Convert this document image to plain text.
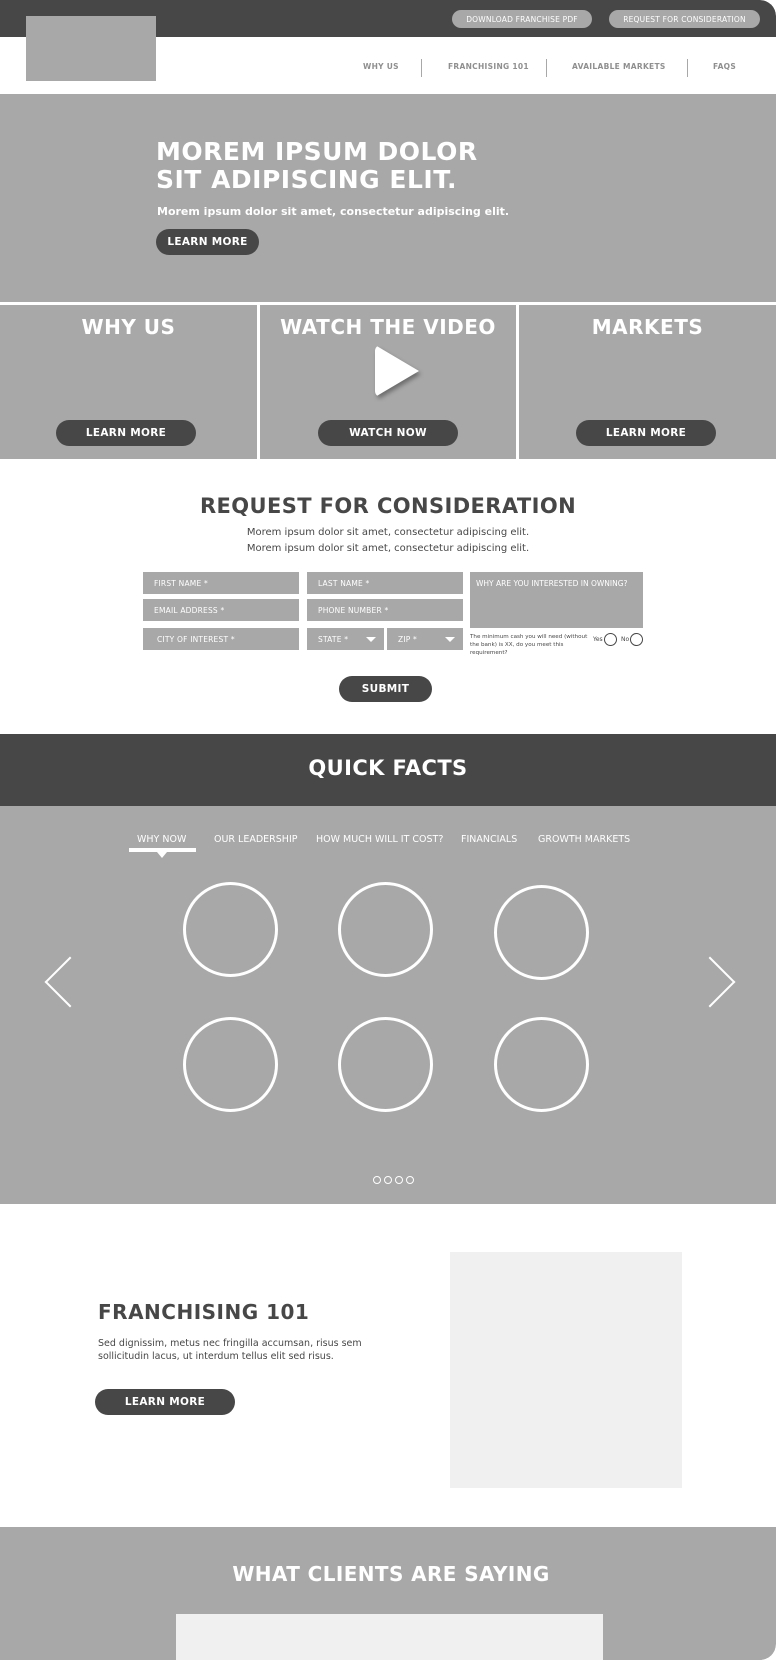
DOWNLOAD FRANCHISE PDF	REQUEST FOR CONSIDERATION
WHY US	FRANCHISING 101	AVAILABLE MARKETS	FAQS
MOREM IPSUM DOLOR
SIT ADIPISCING ELIT.
Morem ipsum dolor sit amet, consectetur adipiscing elit.
LEARN MORE
WHY US
LEARN MORE
WATCH THE VIDEO
WATCH NOW
MARKETS
LEARN MORE
REQUEST FOR CONSIDERATION
Morem ipsum dolor sit amet, consectetur adipiscing elit.
Morem ipsum dolor sit amet, consectetur adipiscing elit.
FIRST NAME *	LAST NAME *
EMAIL ADDRESS *	PHONE NUMBER *
CITY OF INTEREST *	STATE *	ZIP *
WHY ARE YOU INTERESTED IN OWNING?
The minimum cash you will need (without the bank) is XX, do you meet this requirement?
Yes	No
SUBMIT
QUICK FACTS
WHY NOW	OUR LEADERSHIP HOW MUCH WILL IT COST? FINANCIALS GROWTH MARKETS
FRANCHISING 101
Sed dignissim, metus nec fringilla accumsan, risus sem sollicitudin lacus, ut interdum tellus elit sed risus.
LEARN MORE
WHAT CLIENTS ARE SAYING
